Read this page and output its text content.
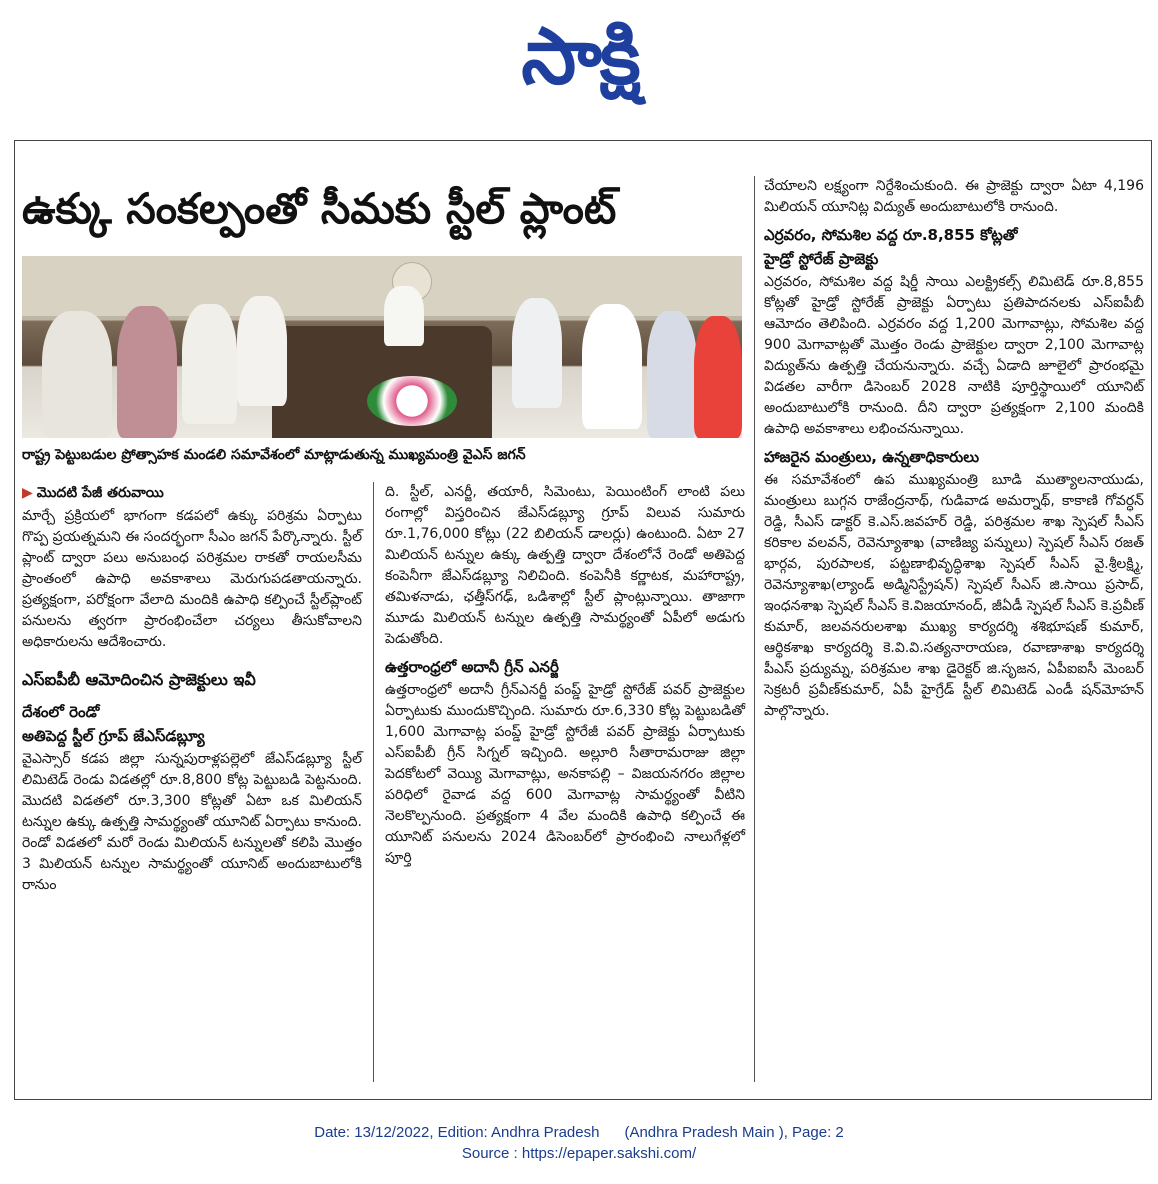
సాక్షి
ఉక్కు సంకల్పంతో సీమకు స్టీల్ ప్లాంట్
రాష్ట్ర పెట్టుబడుల ప్రోత్సాహక మండలి సమావేశంలో మాట్లాడుతున్న ముఖ్యమంత్రి వైఎస్ జగన్
▶ మొదటి పేజీ తరువాయి

మార్చే ప్రక్రియలో భాగంగా కడపలో ఉక్కు పరిశ్రమ ఏర్పాటు గొప్ప ప్రయత్నమని ఈ సందర్భంగా సీఎం జగన్ పేర్కొన్నారు. స్టీల్ ప్లాంట్ ద్వారా పలు అనుబంధ పరిశ్రమల రాకతో రాయలసీమ ప్రాంతంలో ఉపాధి అవకాశాలు మెరుగుపడతాయన్నారు. ప్రత్యక్షంగా, పరోక్షంగా వేలాది మందికి ఉపాధి కల్పించే స్టీల్‌ప్లాంట్ పనులను త్వరగా ప్రారంభించేలా చర్యలు తీసుకోవాలని అధికారులను ఆదేశించారు.

ఎస్ఐపీబీ ఆమోదించిన ప్రాజెక్టులు ఇవీ
దేశంలో రెండో
అతిపెద్ద స్టీల్ గ్రూప్ జేఎస్‌డబ్ల్యూ

వైఎస్సార్ కడప జిల్లా సున్నపురాళ్లపల్లెలో జేఎస్‌డబ్ల్యూ స్టీల్ లిమిటెడ్ రెండు విడతల్లో రూ.8,800 కోట్ల పెట్టుబడి పెట్టనుంది. మొదటి విడతలో రూ.3,300 కోట్లతో ఏటా ఒక మిలియన్ టన్నుల ఉక్కు ఉత్పత్తి సామర్థ్యంతో యూనిట్ ఏర్పాటు కానుంది. రెండో విడతలో మరో రెండు మిలియన్ టన్నులతో కలిపి మొత్తం 3 మిలియన్ టన్నుల సామర్థ్యంతో యూనిట్ అందుబాటులోకి రానుం

ది. స్టీల్, ఎనర్జీ, తయారీ, సిమెంటు, పెయింటింగ్ లాంటి పలు రంగాల్లో విస్తరించిన జేఎస్‌డబ్ల్యూ గ్రూప్ విలువ సుమారు రూ.1,76,000 కోట్లు (22 బిలియన్ డాలర్లు) ఉంటుంది. ఏటా 27 మిలియన్ టన్నుల ఉక్కు ఉత్పత్తి ద్వారా దేశంలోనే రెండో అతిపెద్ద కంపెనీగా జేఎస్‌డబ్ల్యూ నిలిచింది. కంపెనీకి కర్ణాటక, మహారాష్ట్ర, తమిళనాడు, ఛత్తీస్‌గఢ్, ఒడిశాల్లో స్టీల్ ప్లాంట్లున్నాయి. తాజాగా మూడు మిలియన్ టన్నుల ఉత్పత్తి సామర్థ్యంతో ఏపీలో అడుగు పెడుతోంది.

ఉత్తరాంధ్రలో అదానీ గ్రీన్ ఎనర్జీ

ఉత్తరాంధ్రలో అదానీ గ్రీన్‌ఎనర్జీ పంప్డ్ హైడ్రో స్టోరేజ్ పవర్ ప్రాజెక్టుల ఏర్పాటుకు ముందుకొచ్చింది. సుమారు రూ.6,330 కోట్ల పెట్టుబడితో 1,600 మెగావాట్ల పంప్డ్ హైడ్రో స్టోరేజీ పవర్ ప్రాజెక్టు ఏర్పాటుకు ఎస్ఐపీబీ గ్రీన్ సిగ్నల్ ఇచ్చింది. అల్లూరి సీతారామరాజు జిల్లా పెదకోటలో వెయ్యి మెగావాట్లు, అనకాపల్లి – విజయనగరం జిల్లాల పరిధిలో రైవాడ వద్ద 600 మెగావాట్ల సామర్థ్యంతో వీటిని నెలకొల్పనుంది. ప్రత్యక్షంగా 4 వేల మందికి ఉపాధి కల్పించే ఈ యూనిట్ పనులను 2024 డిసెంబర్‌లో ప్రారంభించి నాలుగేళ్లలో పూర్తి

చేయాలని లక్ష్యంగా నిర్దేశించుకుంది. ఈ ప్రాజెక్టు ద్వారా ఏటా 4,196 మిలియన్ యూనిట్ల విద్యుత్ అందుబాటులోకి రానుంది.

ఎర్రవరం, సోమశిల వద్ద రూ.8,855 కోట్లతో
హైడ్రో స్టోరేజ్ ప్రాజెక్టు

ఎర్రవరం, సోమశిల వద్ద షిర్డీ సాయి ఎలక్ట్రికల్స్ లిమిటెడ్ రూ.8,855 కోట్లతో హైడ్రో స్టోరేజ్ ప్రాజెక్టు ఏర్పాటు ప్రతిపాదనలకు ఎస్ఐపీబీ ఆమోదం తెలిపింది. ఎర్రవరం వద్ద 1,200 మెగావాట్లు, సోమశిల వద్ద 900 మెగావాట్లతో మొత్తం రెండు ప్రాజెక్టుల ద్వారా 2,100 మెగావాట్ల విద్యుత్‌ను ఉత్పత్తి చేయనున్నారు. వచ్చే ఏడాది జూలైలో ప్రారంభమై విడతల వారీగా డిసెంబర్ 2028 నాటికి పూర్తిస్థాయిలో యూనిట్ అందుబాటులోకి రానుంది. దీని ద్వారా ప్రత్యక్షంగా 2,100 మందికి ఉపాధి అవకాశాలు లభించనున్నాయి.

హాజరైన మంత్రులు, ఉన్నతాధికారులు

ఈ సమావేశంలో ఉప ముఖ్యమంత్రి బూడి ముత్యాలనాయుడు, మంత్రులు బుగ్గన రాజేంద్రనాథ్, గుడివాడ అమర్నాథ్, కాకాణి గోవర్ధన్ రెడ్డి, సీఎస్ డాక్టర్ కె.ఎస్.జవహర్ రెడ్డి, పరిశ్రమల శాఖ స్పెషల్ సీఎస్ కరికాల వలవన్, రెవెన్యూశాఖ (వాణిజ్య పన్నులు) స్పెషల్ సీఎస్ రజత్ భార్గవ, పురపాలక, పట్టణాభివృద్ధిశాఖ స్పెషల్ సీఎస్ వై.శ్రీలక్ష్మి, రెవెన్యూశాఖ(ల్యాండ్ అడ్మినిస్ట్రేషన్) స్పెషల్ సీఎస్ జి.సాయి ప్రసాద్, ఇంధనశాఖ స్పెషల్ సీఎస్ కె.విజయానంద్, జీఏడీ స్పెషల్ సీఎస్ కె.ప్రవీణ్ కుమార్, జలవనరులశాఖ ముఖ్య కార్యదర్శి శశిభూషణ్ కుమార్, ఆర్థికశాఖ కార్యదర్శి కె.వి.వి.సత్యనారాయణ, రవాణాశాఖ కార్యదర్శి పీఎస్ ప్రద్యుమ్న, పరిశ్రమల శాఖ డైరెక్టర్ జి.సృజన, ఏపీఐఐసీ మెంబర్ సెక్రటరీ ప్రవీణ్‌కుమార్, ఏపీ హైగ్రేడ్ స్టీల్ లిమిటెడ్ ఎండీ షన్‌మోహన్ పాల్గొన్నారు.

Date: 13/12/2022, Edition: Andhra Pradesh      (Andhra Pradesh Main ), Page: 2
Source : https://epaper.sakshi.com/
